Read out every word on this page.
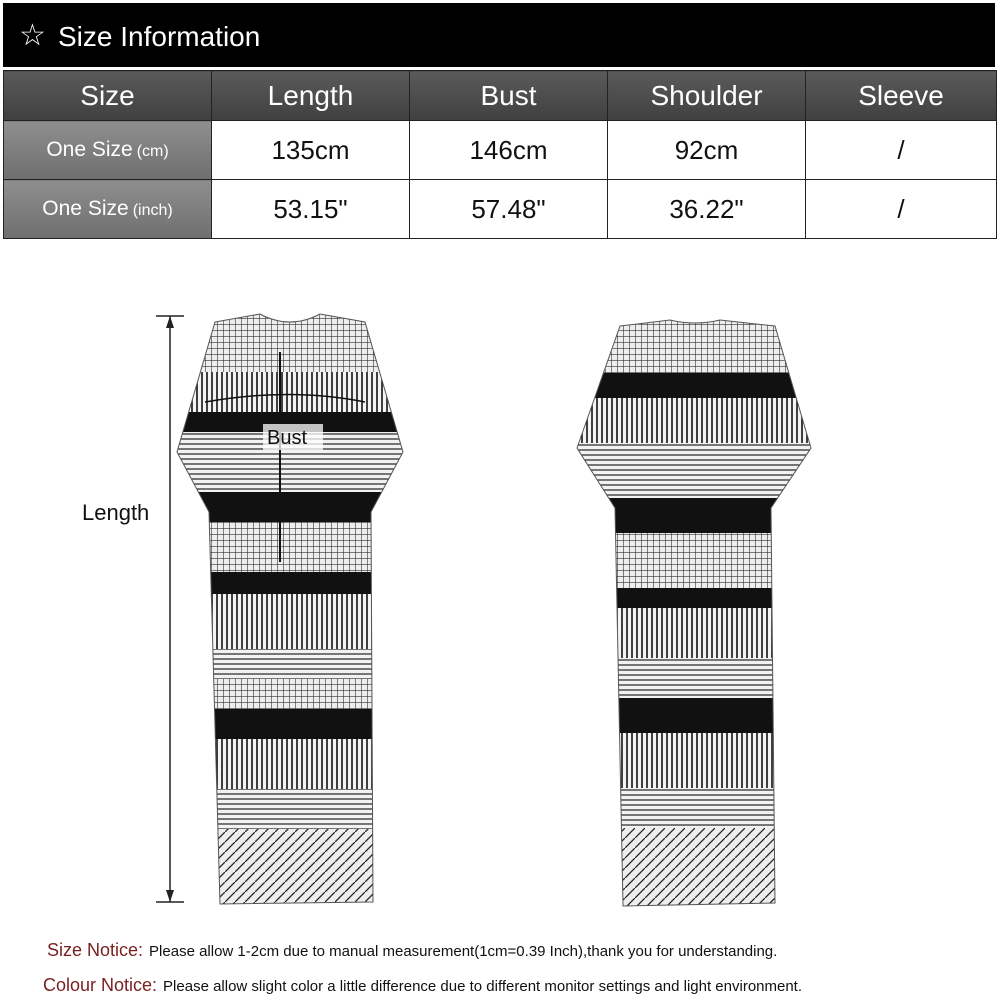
☆ Size Information
Size	Length	Bust	Shoulder	Sleeve
One Size (cm)	135cm	146cm	92cm	/
One Size (inch)	53.15"	57.48"	36.22"	/
Length
Bust
Size Notice: Please allow 1-2cm due to manual measurement(1cm=0.39 Inch),thank you for understanding.
Colour Notice: Please allow slight color a little difference due to different monitor settings and light environment.
